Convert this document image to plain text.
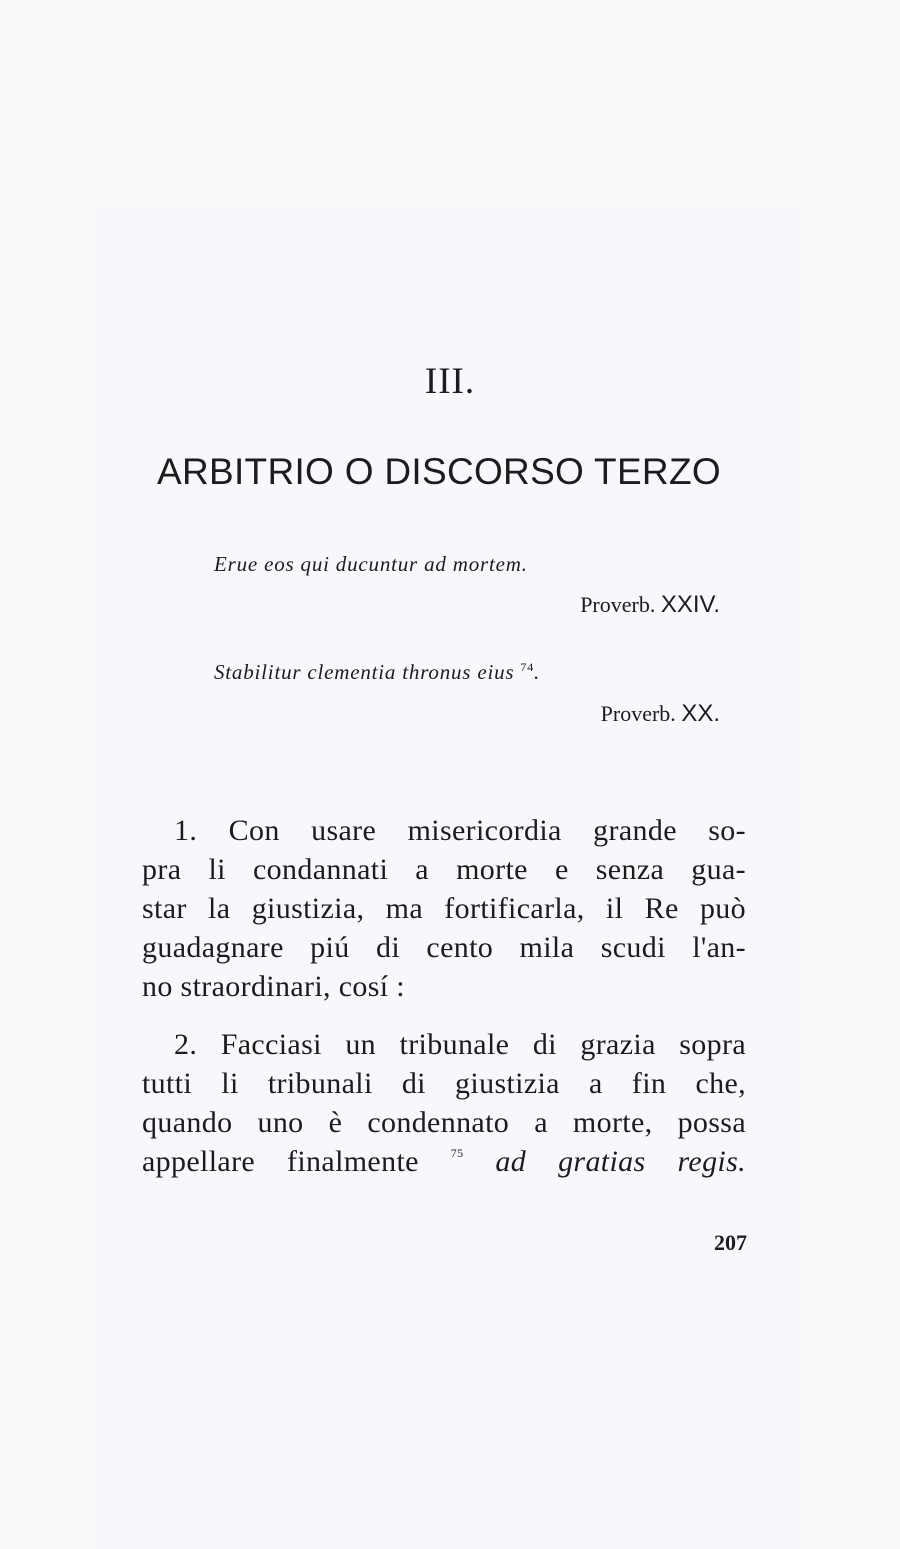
III.
ARBITRIO O DISCORSO TERZO
Erue eos qui ducuntur ad mortem.
Proverb. XXIV.
Stabilitur clementia thronus eius $^{74}$.
Proverb. XX.
1. Con usare misericordia grande so-
pra li condannati a morte e senza gua-
star la giustizia, ma fortificarla, il Re può
guadagnare piú di cento mila scudi l'an-
no straordinari, cosí :
2. Facciasi un tribunale di grazia sopra
tutti li tribunali di giustizia a fin che,
quando uno è condennato a morte, possa
appellare finalmente $^{75}$ ad gratias regis.
207
